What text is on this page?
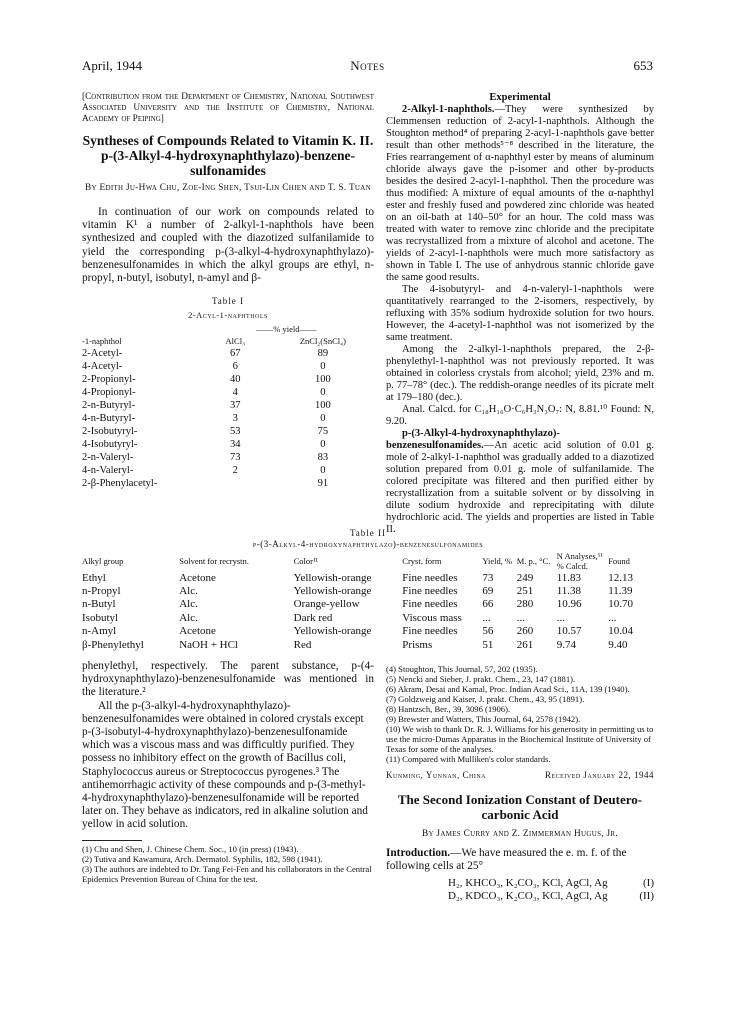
April, 1944	Notes	653
[Contribution from the Department of Chemistry, National Southwest Associated University and the Institute of Chemistry, National Academy of Peiping]
Syntheses of Compounds Related to Vitamin K. II. p-(3-Alkyl-4-hydroxynaphthylazo)-benzene-sulfonamides
By Edith Ju-Hwa Chu, Zoe-Ing Shen, Tsui-Lin Chien and T. S. Tuan

In continuation of our work on compounds related to vitamin K¹ a number of 2-alkyl-1-naphthols have been synthesized and coupled with the diazotized sulfanilamide to yield the corresponding p-(3-alkyl-4-hydroxynaphthylazo)-benzenesulfonamides in which the alkyl groups are ethyl, n-propyl, n-butyl, isobutyl, n-amyl and β-

Table I
2-Acyl-1-naphthols
	——% yield——	
-1-naphthol	AlCl₃	ZnCl₂(SnCl₄)
2-Acetyl-	67	89
4-Acetyl-	6	0
2-Propionyl-	40	100
4-Propionyl-	4	0
2-n-Butyryl-	37	100
4-n-Butyryl-	3	0
2-Isobutyryl-	53	75
4-Isobutyryl-	34	0
2-n-Valeryl-	73	83
4-n-Valeryl-	2	0
2-β-Phenylacetyl-		91
Experimental

2-Alkyl-1-naphthols.—They were synthesized by Clemmensen reduction of 2-acyl-1-naphthols. Although the Stoughton method⁴ of preparing 2-acyl-1-naphthols gave better result than other methods⁵⁻⁸ described in the literature, the Fries rearrangement of α-naphthyl ester by means of aluminum chloride always gave the p-isomer and other by-products besides the desired 2-acyl-1-naphthol. Then the procedure was thus modified: A mixture of equal amounts of the α-naphthyl ester and freshly fused and powdered zinc chloride was heated on an oil-bath at 140–50° for an hour. The cold mass was treated with water to remove zinc chloride and the precipitate was recrystallized from a mixture of alcohol and acetone. The yields of 2-acyl-1-naphthols were much more satisfactory as shown in Table I. The use of anhydrous stannic chloride gave the same good results.

The 4-isobutyryl- and 4-n-valeryl-1-naphthols were quantitatively rearranged to the 2-isomers, respectively, by refluxing with 35% sodium hydroxide solution for two hours. However, the 4-acetyl-1-naphthol was not isomerized by the same treatment.

Among the 2-alkyl-1-naphthols prepared, the 2-β-phenylethyl-1-naphthol was not previously reported. It was obtained in colorless crystals from alcohol; yield, 23% and m. p. 77–78° (dec.). The reddish-orange needles of its picrate melt at 179–180 (dec.).

Anal. Calcd. for C₁₈H₁₆O·C₆H₃N₃O₇: N, 8.81.¹⁰ Found: N, 9.20.

p-(3-Alkyl-4-hydroxynaphthylazo)-benzenesulfonamides.—An acetic acid solution of 0.01 g. mole of 2-alkyl-1-naphthol was gradually added to a diazotized solution prepared from 0.01 g. mole of sulfanilamide. The colored precipitate was filtered and then purified either by recrystallization from a suitable solvent or by dissolving in dilute sodium hydroxide and reprecipitating with dilute hydrochloric acid. The yields and properties are listed in Table II.

Table II
p-(3-Alkyl-4-hydroxynaphthylazo)-benzenesulfonamides
Alkyl group	Solvent for recrystn.	Color¹¹	Cryst. form	Yield, %	M. p., °C.	N Analyses,¹¹ % Calcd.	Found
Ethyl	Acetone	Yellowish-orange	Fine needles	73	249	11.83	12.13
n-Propyl	Alc.	Yellowish-orange	Fine needles	69	251	11.38	11.39
n-Butyl	Alc.	Orange-yellow	Fine needles	66	280	10.96	10.70
Isobutyl	Alc.	Dark red	Viscous mass	...	...	...	...
n-Amyl	Acetone	Yellowish-orange	Fine needles	56	260	10.57	10.04
β-Phenylethyl	NaOH + HCl	Red	Prisms	51	261	9.74	9.40

phenylethyl, respectively. The parent substance, p-(4-hydroxynaphthylazo)-benzenesulfonamide was mentioned in the literature.²

All the p-(3-alkyl-4-hydroxynaphthylazo)-benzenesulfonamides were obtained in colored crystals except p-(3-isobutyl-4-hydroxynaphthylazo)-benzenesulfonamide which was a viscous mass and was difficultly purified. They possess no inhibitory effect on the growth of Bacillus coli, Staphylococcus aureus or Streptococcus pyrogenes.³ The antihemorrhagic activity of these compounds and p-(3-methyl-4-hydroxynaphthylazo)-benzenesulfonamide will be reported later on. They behave as indicators, red in alkaline solution and yellow in acid solution.

(1) Chu and Shen, J. Chinese Chem. Soc., 10 (in press) (1943).

(2) Tutiva and Kawamura, Arch. Dermatol. Syphilis, 182, 598 (1941).

(3) The authors are indebted to Dr. Tang Fei-Fen and his collaborators in the Central Epidemics Prevention Bureau of China for the test.

(4) Stoughton, This Journal, 57, 202 (1935).

(5) Nencki and Sieber, J. prakt. Chem., 23, 147 (1881).

(6) Akram, Desai and Kamal, Proc. Indian Acad Sci., 11A, 139 (1940).

(7) Goldzweig and Kaiser, J. prakt. Chem., 43, 95 (1891).

(8) Hantzsch, Ber., 39, 3096 (1906).

(9) Brewster and Watters, This Journal, 64, 2578 (1942).

(10) We wish to thank Dr. R. J. Williams for his generosity in permitting us to use the micro-Dumas Apparatus in the Biochemical Institute of University of Texas for some of the analyses.

(11) Compared with Mulliken's color standards.

Kunming, Yunnan, China	Received January 22, 1944
The Second Ionization Constant of Deutero-carbonic Acid
By James Curry and Z. Zimmerman Hugus, Jr.
Introduction.—We have measured the e. m. f. of the following cells at 25°
H₂, KHCO₃, K₂CO₃, KCl, AgCl, Ag	(I)
D₂, KDCO₃, K₂CO₃, KCl, AgCl, Ag	(II)
